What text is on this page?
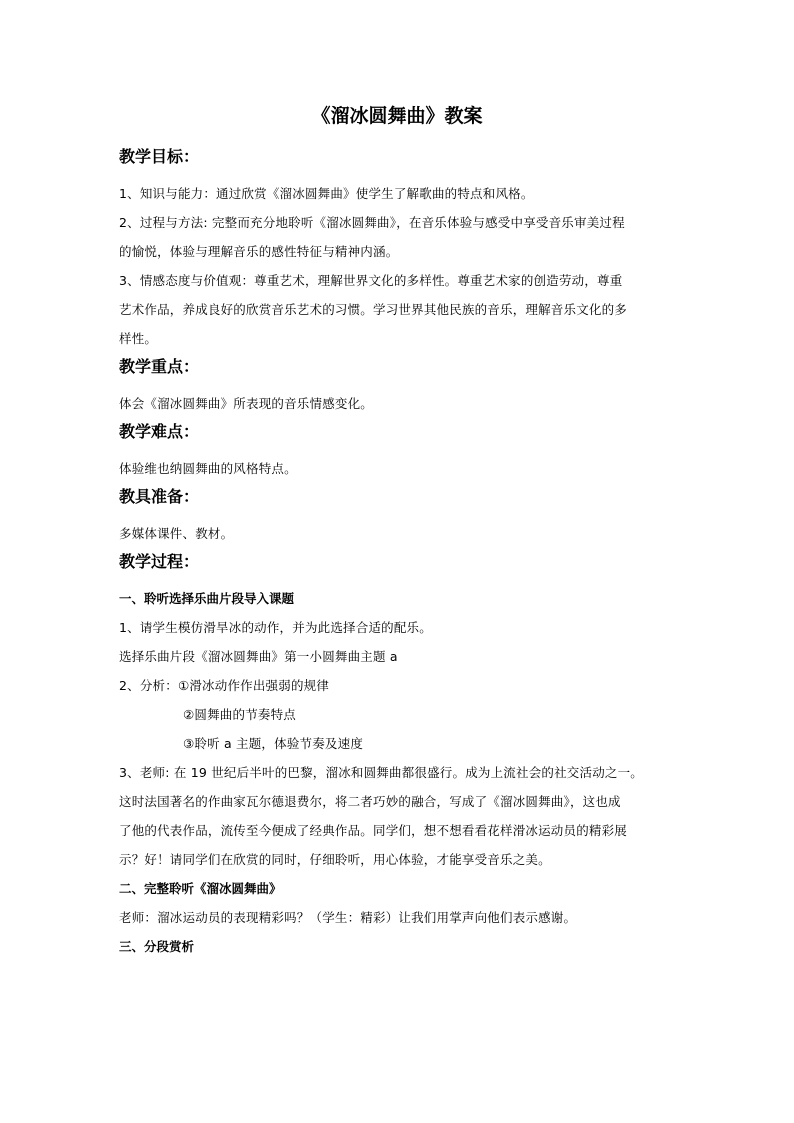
《溜冰圆舞曲》教案
教学目标：
1、知识与能力：通过欣赏《溜冰圆舞曲》使学生了解歌曲的特点和风格。
2、过程与方法: 完整而充分地聆听《溜冰圆舞曲》，在音乐体验与感受中享受音乐审美过程
的愉悦，体验与理解音乐的感性特征与精神内涵。
3、情感态度与价值观：尊重艺术，理解世界文化的多样性。尊重艺术家的创造劳动，尊重
艺术作品，养成良好的欣赏音乐艺术的习惯。学习世界其他民族的音乐，理解音乐文化的多
样性。
教学重点：
体会《溜冰圆舞曲》所表现的音乐情感变化。
教学难点：
体验维也纳圆舞曲的风格特点。
教具准备：
多媒体课件、教材。
教学过程：
一、聆听选择乐曲片段导入课题
1、请学生模仿滑旱冰的动作，并为此选择合适的配乐。
选择乐曲片段《溜冰圆舞曲》第一小圆舞曲主题 a
2、分析：①滑冰动作作出强弱的规律
②圆舞曲的节奏特点
③聆听 a 主题，体验节奏及速度
3、老师: 在 19 世纪后半叶的巴黎，溜冰和圆舞曲都很盛行。成为上流社会的社交活动之一。
这时法国著名的作曲家瓦尔德退费尔，将二者巧妙的融合，写成了《溜冰圆舞曲》，这也成
了他的代表作品，流传至今便成了经典作品。同学们，想不想看看花样滑冰运动员的精彩展
示？好！请同学们在欣赏的同时，仔细聆听，用心体验，才能享受音乐之美。
二、完整聆听《溜冰圆舞曲》
老师：溜冰运动员的表现精彩吗？（学生：精彩）让我们用掌声向他们表示感谢。
三、分段赏析
